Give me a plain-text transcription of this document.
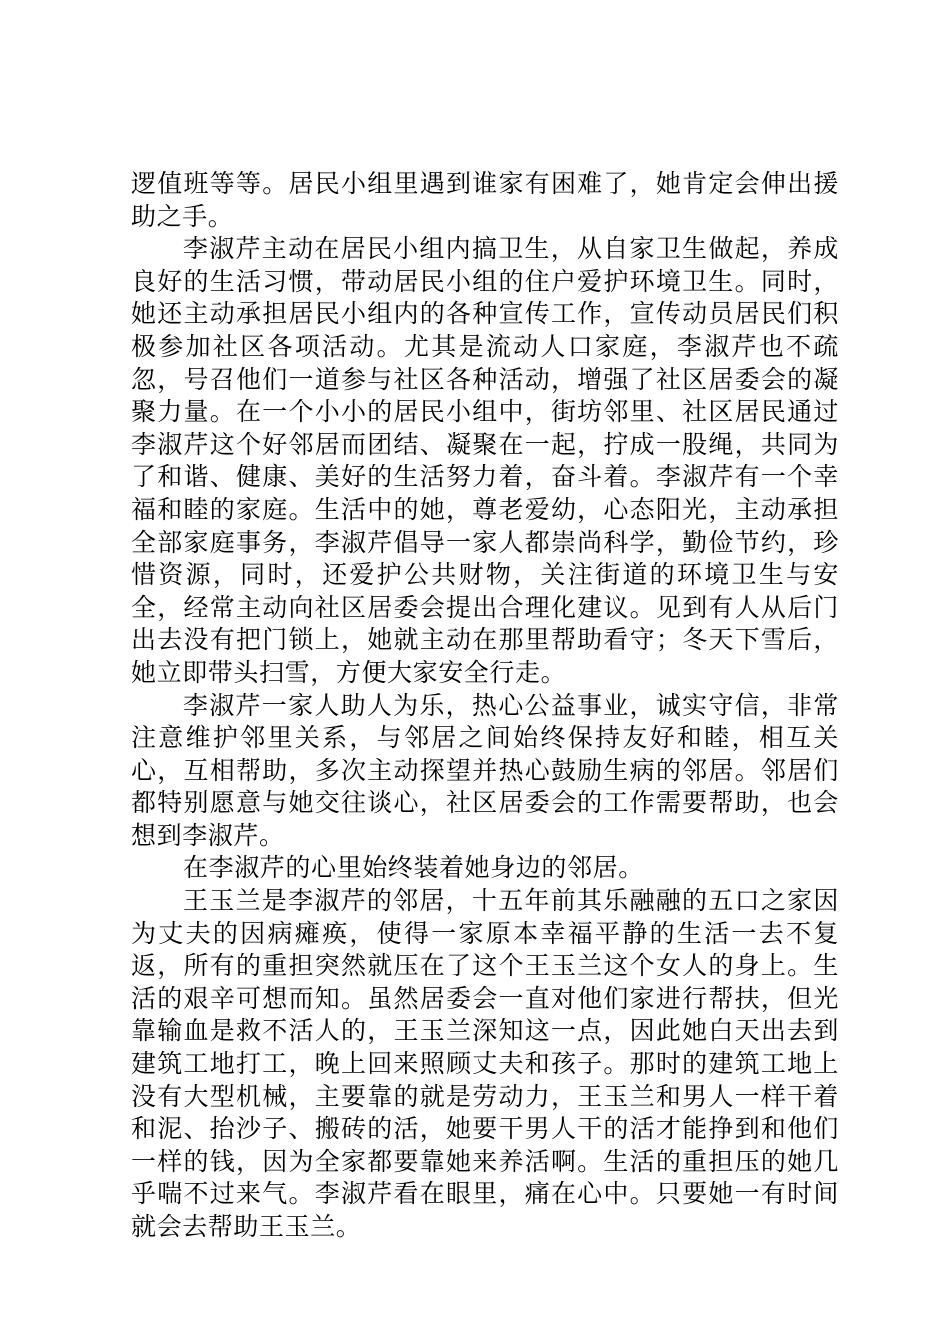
逻值班等等。居民小组里遇到谁家有困难了，她肯定会伸出援助之手。

李淑芹主动在居民小组内搞卫生，从自家卫生做起，养成良好的生活习惯，带动居民小组的住户爱护环境卫生。同时，她还主动承担居民小组内的各种宣传工作，宣传动员居民们积极参加社区各项活动。尤其是流动人口家庭，李淑芹也不疏忽，号召他们一道参与社区各种活动，增强了社区居委会的凝聚力量。在一个小小的居民小组中，街坊邻里、社区居民通过李淑芹这个好邻居而团结、凝聚在一起，拧成一股绳，共同为了和谐、健康、美好的生活努力着，奋斗着。李淑芹有一个幸福和睦的家庭。生活中的她，尊老爱幼，心态阳光，主动承担全部家庭事务，李淑芹倡导一家人都崇尚科学，勤俭节约，珍惜资源，同时，还爱护公共财物，关注街道的环境卫生与安全，经常主动向社区居委会提出合理化建议。见到有人从后门出去没有把门锁上，她就主动在那里帮助看守；冬天下雪后，她立即带头扫雪，方便大家安全行走。

李淑芹一家人助人为乐，热心公益事业，诚实守信，非常注意维护邻里关系，与邻居之间始终保持友好和睦，相互关心，互相帮助，多次主动探望并热心鼓励生病的邻居。邻居们都特别愿意与她交往谈心，社区居委会的工作需要帮助，也会想到李淑芹。

在李淑芹的心里始终装着她身边的邻居。

王玉兰是李淑芹的邻居，十五年前其乐融融的五口之家因为丈夫的因病瘫痪，使得一家原本幸福平静的生活一去不复返，所有的重担突然就压在了这个王玉兰这个女人的身上。生活的艰辛可想而知。虽然居委会一直对他们家进行帮扶，但光靠输血是救不活人的，王玉兰深知这一点，因此她白天出去到建筑工地打工，晚上回来照顾丈夫和孩子。那时的建筑工地上没有大型机械，主要靠的就是劳动力，王玉兰和男人一样干着和泥、抬沙子、搬砖的活，她要干男人干的活才能挣到和他们一样的钱，因为全家都要靠她来养活啊。生活的重担压的她几乎喘不过来气。李淑芹看在眼里，痛在心中。只要她一有时间就会去帮助王玉兰。
